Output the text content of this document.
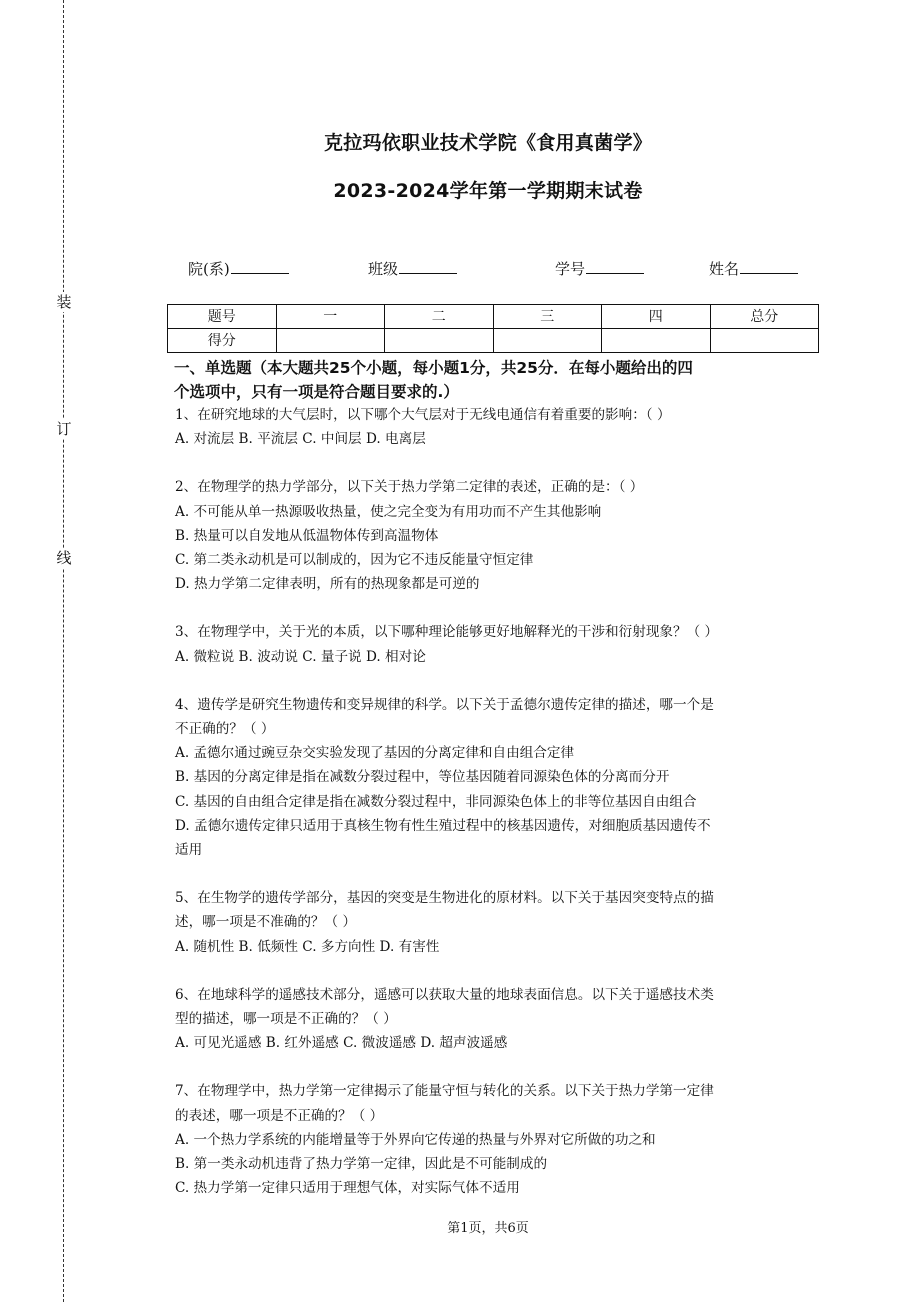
装
订
线
克拉玛依职业技术学院《食用真菌学》
2023-2024学年第一学期期末试卷
院(系)	班级	学号	姓名
题号	一	二	三	四	总分
得分					
一、单选题（本大题共25个小题，每小题1分，共25分．在每小题给出的四
个选项中，只有一项是符合题目要求的.）

1、在研究地球的大气层时，以下哪个大气层对于无线电通信有着重要的影响：（ ）

A. 对流层 B. 平流层 C. 中间层 D. 电离层

2、在物理学的热力学部分，以下关于热力学第二定律的表述，正确的是：（ ）

A. 不可能从单一热源吸收热量，使之完全变为有用功而不产生其他影响

B. 热量可以自发地从低温物体传到高温物体

C. 第二类永动机是可以制成的，因为它不违反能量守恒定律

D. 热力学第二定律表明，所有的热现象都是可逆的

3、在物理学中，关于光的本质，以下哪种理论能够更好地解释光的干涉和衍射现象？（ ）

A. 微粒说 B. 波动说 C. 量子说 D. 相对论

4、遗传学是研究生物遗传和变异规律的科学。以下关于孟德尔遗传定律的描述，哪一个是

不正确的？（ ）

A. 孟德尔通过豌豆杂交实验发现了基因的分离定律和自由组合定律

B. 基因的分离定律是指在减数分裂过程中，等位基因随着同源染色体的分离而分开

C. 基因的自由组合定律是指在减数分裂过程中，非同源染色体上的非等位基因自由组合

D. 孟德尔遗传定律只适用于真核生物有性生殖过程中的核基因遗传，对细胞质基因遗传不

适用

5、在生物学的遗传学部分，基因的突变是生物进化的原材料。以下关于基因突变特点的描

述，哪一项是不准确的？（ ）

A. 随机性 B. 低频性 C. 多方向性 D. 有害性

6、在地球科学的遥感技术部分，遥感可以获取大量的地球表面信息。以下关于遥感技术类

型的描述，哪一项是不正确的？（ ）

A. 可见光遥感 B. 红外遥感 C. 微波遥感 D. 超声波遥感

7、在物理学中，热力学第一定律揭示了能量守恒与转化的关系。以下关于热力学第一定律

的表述，哪一项是不正确的？（ ）

A. 一个热力学系统的内能增量等于外界向它传递的热量与外界对它所做的功之和

B. 第一类永动机违背了热力学第一定律，因此是不可能制成的

C. 热力学第一定律只适用于理想气体，对实际气体不适用

第1页，共6页
